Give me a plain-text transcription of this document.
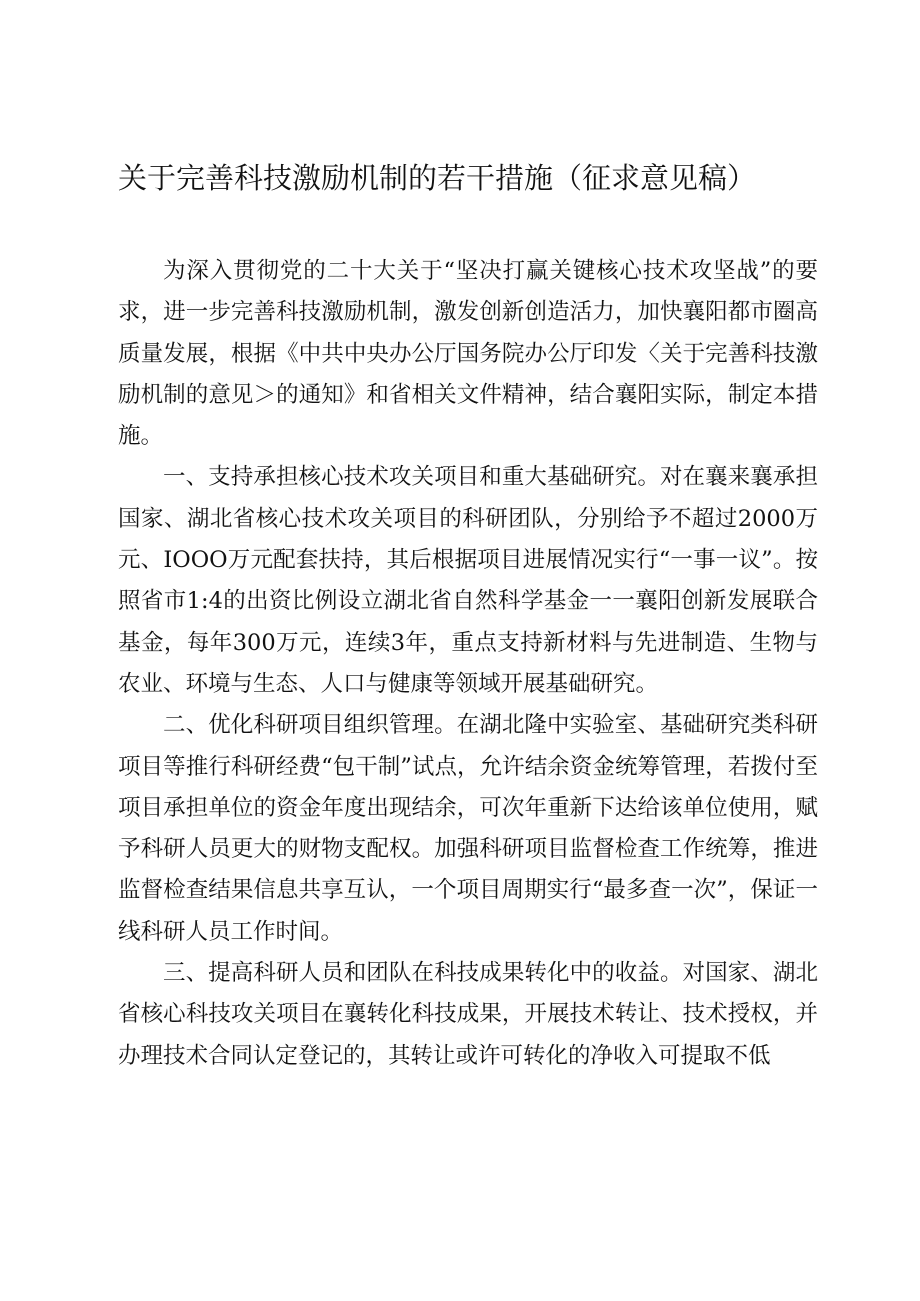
关于完善科技激励机制的若干措施（征求意见稿）

为深入贯彻党的二十大关于“坚决打赢关键核心技术攻坚战”的要求，进一步完善科技激励机制，激发创新创造活力，加快襄阳都市圈高质量发展，根据《中共中央办公厅国务院办公厅印发〈关于完善科技激励机制的意见＞的通知》和省相关文件精神，结合襄阳实际，制定本措施。

一、支持承担核心技术攻关项目和重大基础研究。对在襄来襄承担国家、湖北省核心技术攻关项目的科研团队，分别给予不超过2000万元、IOOO万元配套扶持，其后根据项目进展情况实行“一事一议”。按照省市1:4的出资比例设立湖北省自然科学基金一一襄阳创新发展联合基金，每年300万元，连续3年，重点支持新材料与先进制造、生物与农业、环境与生态、人口与健康等领域开展基础研究。

二、优化科研项目组织管理。在湖北隆中实验室、基础研究类科研项目等推行科研经费“包干制”试点，允许结余资金统筹管理，若拨付至项目承担单位的资金年度出现结余，可次年重新下达给该单位使用，赋予科研人员更大的财物支配权。加强科研项目监督检查工作统筹，推进监督检查结果信息共享互认，一个项目周期实行“最多查一次”，保证一线科研人员工作时间。

三、提高科研人员和团队在科技成果转化中的收益。对国家、湖北省核心科技攻关项目在襄转化科技成果，开展技术转让、技术授权，并办理技术合同认定登记的，其转让或许可转化的净收入可提取不低
